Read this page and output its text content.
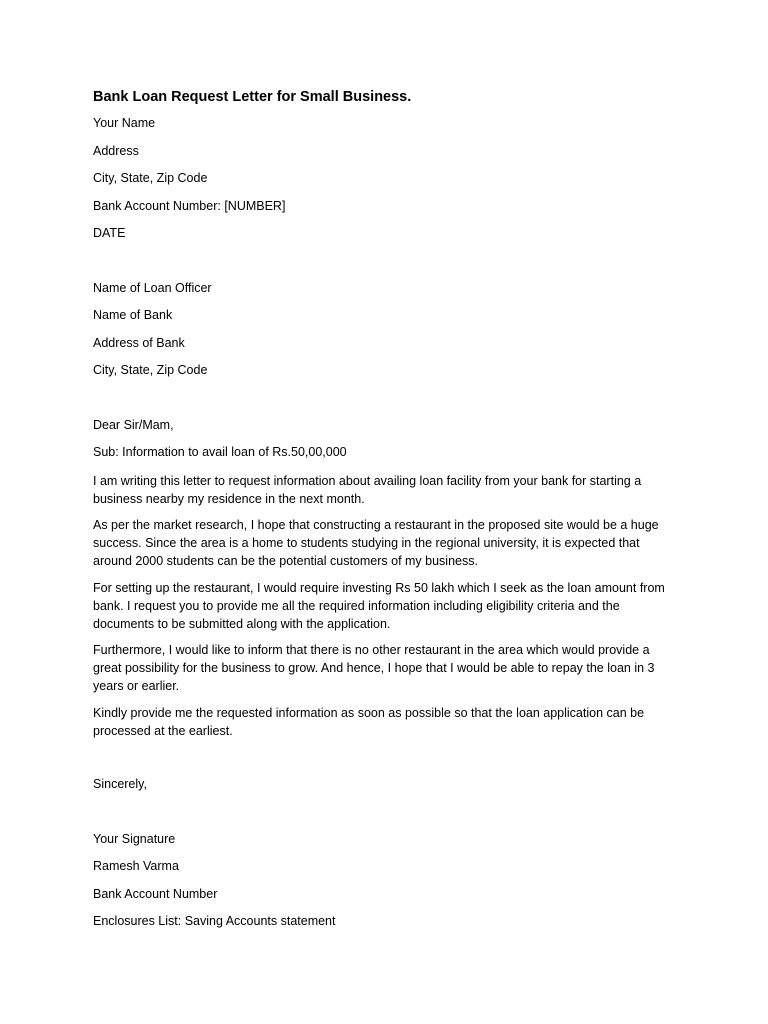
Bank Loan Request Letter for Small Business.
Your Name
Address
City, State, Zip Code
Bank Account Number: [NUMBER]
DATE
Name of Loan Officer
Name of Bank
Address of Bank
City, State, Zip Code
Dear Sir/Mam,
Sub: Information to avail loan of Rs.50,00,000
I am writing this letter to request information about availing loan facility from your bank for starting a business nearby my residence in the next month.
As per the market research, I hope that constructing a restaurant in the proposed site would be a huge success. Since the area is a home to students studying in the regional university, it is expected that around 2000 students can be the potential customers of my business.
For setting up the restaurant, I would require investing Rs 50 lakh which I seek as the loan amount from bank. I request you to provide me all the required information including eligibility criteria and the documents to be submitted along with the application.
Furthermore, I would like to inform that there is no other restaurant in the area which would provide a great possibility for the business to grow. And hence, I hope that I would be able to repay the loan in 3 years or earlier.
Kindly provide me the requested information as soon as possible so that the loan application can be processed at the earliest.
Sincerely,
Your Signature
Ramesh Varma
Bank Account Number
Enclosures List: Saving Accounts statement
